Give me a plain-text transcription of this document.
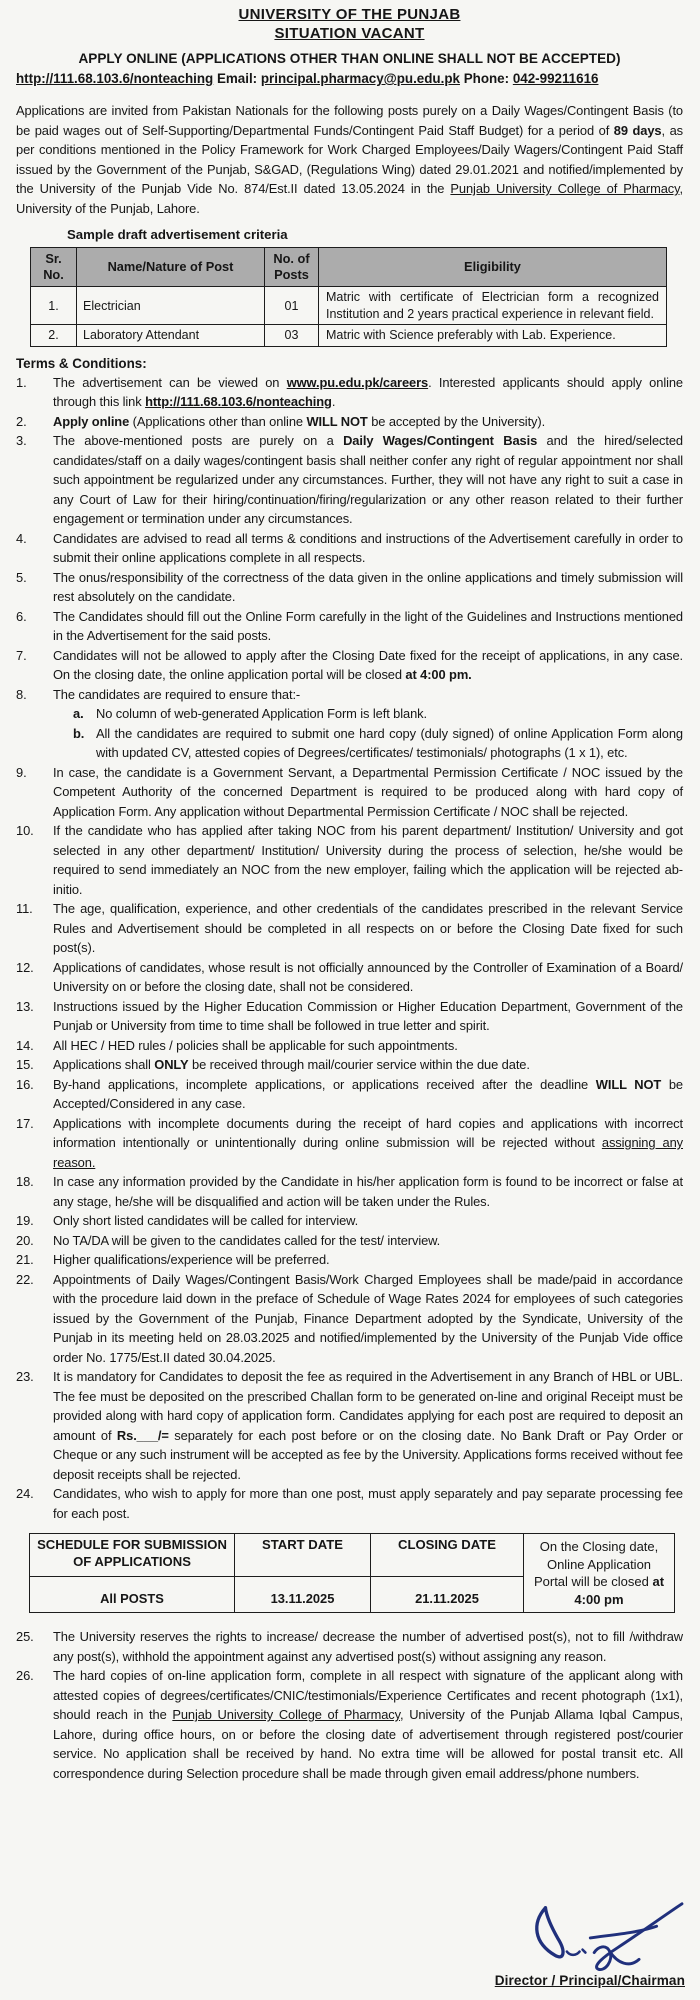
UNIVERSITY OF THE PUNJAB
SITUATION VACANT
APPLY ONLINE (APPLICATIONS OTHER THAN ONLINE SHALL NOT BE ACCEPTED)
http://111.68.103.6/nonteaching Email: principal.pharmacy@pu.edu.pk Phone: 042-99211616
Applications are invited from Pakistan Nationals for the following posts purely on a Daily Wages/Contingent Basis (to be paid wages out of Self-Supporting/Departmental Funds/Contingent Paid Staff Budget) for a period of 89 days, as per conditions mentioned in the Policy Framework for Work Charged Employees/Daily Wagers/Contingent Paid Staff issued by the Government of the Punjab, S&GAD, (Regulations Wing) dated 29.01.2021 and notified/implemented by the University of the Punjab Vide No. 874/Est.II dated 13.05.2024 in the Punjab University College of Pharmacy, University of the Punjab, Lahore.
Sample draft advertisement criteria
Sr. No.	Name/Nature of Post	No. of Posts	Eligibility
1.	Electrician	01	Matric with certificate of Electrician form a recognized Institution and 2 years practical experience in relevant field.
2.	Laboratory Attendant	03	Matric with Science preferably with Lab. Experience.
Terms & Conditions:
1.	The advertisement can be viewed on www.pu.edu.pk/careers. Interested applicants should apply online through this link http://111.68.103.6/nonteaching.
2.	Apply online (Applications other than online WILL NOT be accepted by the University).
3.	The above-mentioned posts are purely on a Daily Wages/Contingent Basis and the hired/selected candidates/staff on a daily wages/contingent basis shall neither confer any right of regular appointment nor shall such appointment be regularized under any circumstances. Further, they will not have any right to suit a case in any Court of Law for their hiring/continuation/firing/regularization or any other reason related to their further engagement or termination under any circumstances.
4.	Candidates are advised to read all terms & conditions and instructions of the Advertisement carefully in order to submit their online applications complete in all respects.
5.	The onus/responsibility of the correctness of the data given in the online applications and timely submission will rest absolutely on the candidate.
6.	The Candidates should fill out the Online Form carefully in the light of the Guidelines and Instructions mentioned in the Advertisement for the said posts.
7.	Candidates will not be allowed to apply after the Closing Date fixed for the receipt of applications, in any case. On the closing date, the online application portal will be closed at 4:00 pm.
8.	The candidates are required to ensure that:-
a. No column of web-generated Application Form is left blank.
b. All the candidates are required to submit one hard copy (duly signed) of online Application Form along with updated CV, attested copies of Degrees/certificates/ testimonials/ photographs (1 x 1), etc.
9.	In case, the candidate is a Government Servant, a Departmental Permission Certificate / NOC issued by the Competent Authority of the concerned Department is required to be produced along with hard copy of Application Form. Any application without Departmental Permission Certificate / NOC shall be rejected.
10.	If the candidate who has applied after taking NOC from his parent department/ Institution/ University and got selected in any other department/ Institution/ University during the process of selection, he/she would be required to send immediately an NOC from the new employer, failing which the application will be rejected ab-initio.
11.	The age, qualification, experience, and other credentials of the candidates prescribed in the relevant Service Rules and Advertisement should be completed in all respects on or before the Closing Date fixed for such post(s).
12.	Applications of candidates, whose result is not officially announced by the Controller of Examination of a Board/ University on or before the closing date, shall not be considered.
13.	Instructions issued by the Higher Education Commission or Higher Education Department, Government of the Punjab or University from time to time shall be followed in true letter and spirit.
14.	All HEC / HED rules / policies shall be applicable for such appointments.
15.	Applications shall ONLY be received through mail/courier service within the due date.
16.	By-hand applications, incomplete applications, or applications received after the deadline WILL NOT be Accepted/Considered in any case.
17.	Applications with incomplete documents during the receipt of hard copies and applications with incorrect information intentionally or unintentionally during online submission will be rejected without assigning any reason.
18.	In case any information provided by the Candidate in his/her application form is found to be incorrect or false at any stage, he/she will be disqualified and action will be taken under the Rules.
19.	Only short listed candidates will be called for interview.
20.	No TA/DA will be given to the candidates called for the test/ interview.
21.	Higher qualifications/experience will be preferred.
22.	Appointments of Daily Wages/Contingent Basis/Work Charged Employees shall be made/paid in accordance with the procedure laid down in the preface of Schedule of Wage Rates 2024 for employees of such categories issued by the Government of the Punjab, Finance Department adopted by the Syndicate, University of the Punjab in its meeting held on 28.03.2025 and notified/implemented by the University of the Punjab Vide office order No. 1775/Est.II dated 30.04.2025.
23.	It is mandatory for Candidates to deposit the fee as required in the Advertisement in any Branch of HBL or UBL. The fee must be deposited on the prescribed Challan form to be generated on-line and original Receipt must be provided along with hard copy of application form. Candidates applying for each post are required to deposit an amount of Rs.___/= separately for each post before or on the closing date. No Bank Draft or Pay Order or Cheque or any such instrument will be accepted as fee by the University. Applications forms received without fee deposit receipts shall be rejected.
24.	Candidates, who wish to apply for more than one post, must apply separately and pay separate processing fee for each post.
SCHEDULE FOR SUBMISSION OF APPLICATIONS	START DATE	CLOSING DATE	On the Closing date, Online Application Portal will be closed at 4:00 pm
All POSTS	13.11.2025	21.11.2025	
25.	The University reserves the rights to increase/ decrease the number of advertised post(s), not to fill /withdraw any post(s), withhold the appointment against any advertised post(s) without assigning any reason.
26.	The hard copies of on-line application form, complete in all respect with signature of the applicant along with attested copies of degrees/certificates/CNIC/testimonials/Experience Certificates and recent photograph (1x1), should reach in the Punjab University College of Pharmacy, University of the Punjab Allama Iqbal Campus, Lahore, during office hours, on or before the closing date of advertisement through registered post/courier service. No application shall be received by hand. No extra time will be allowed for postal transit etc. All correspondence during Selection procedure shall be made through given email address/phone numbers.
Director / Principal/Chairman
